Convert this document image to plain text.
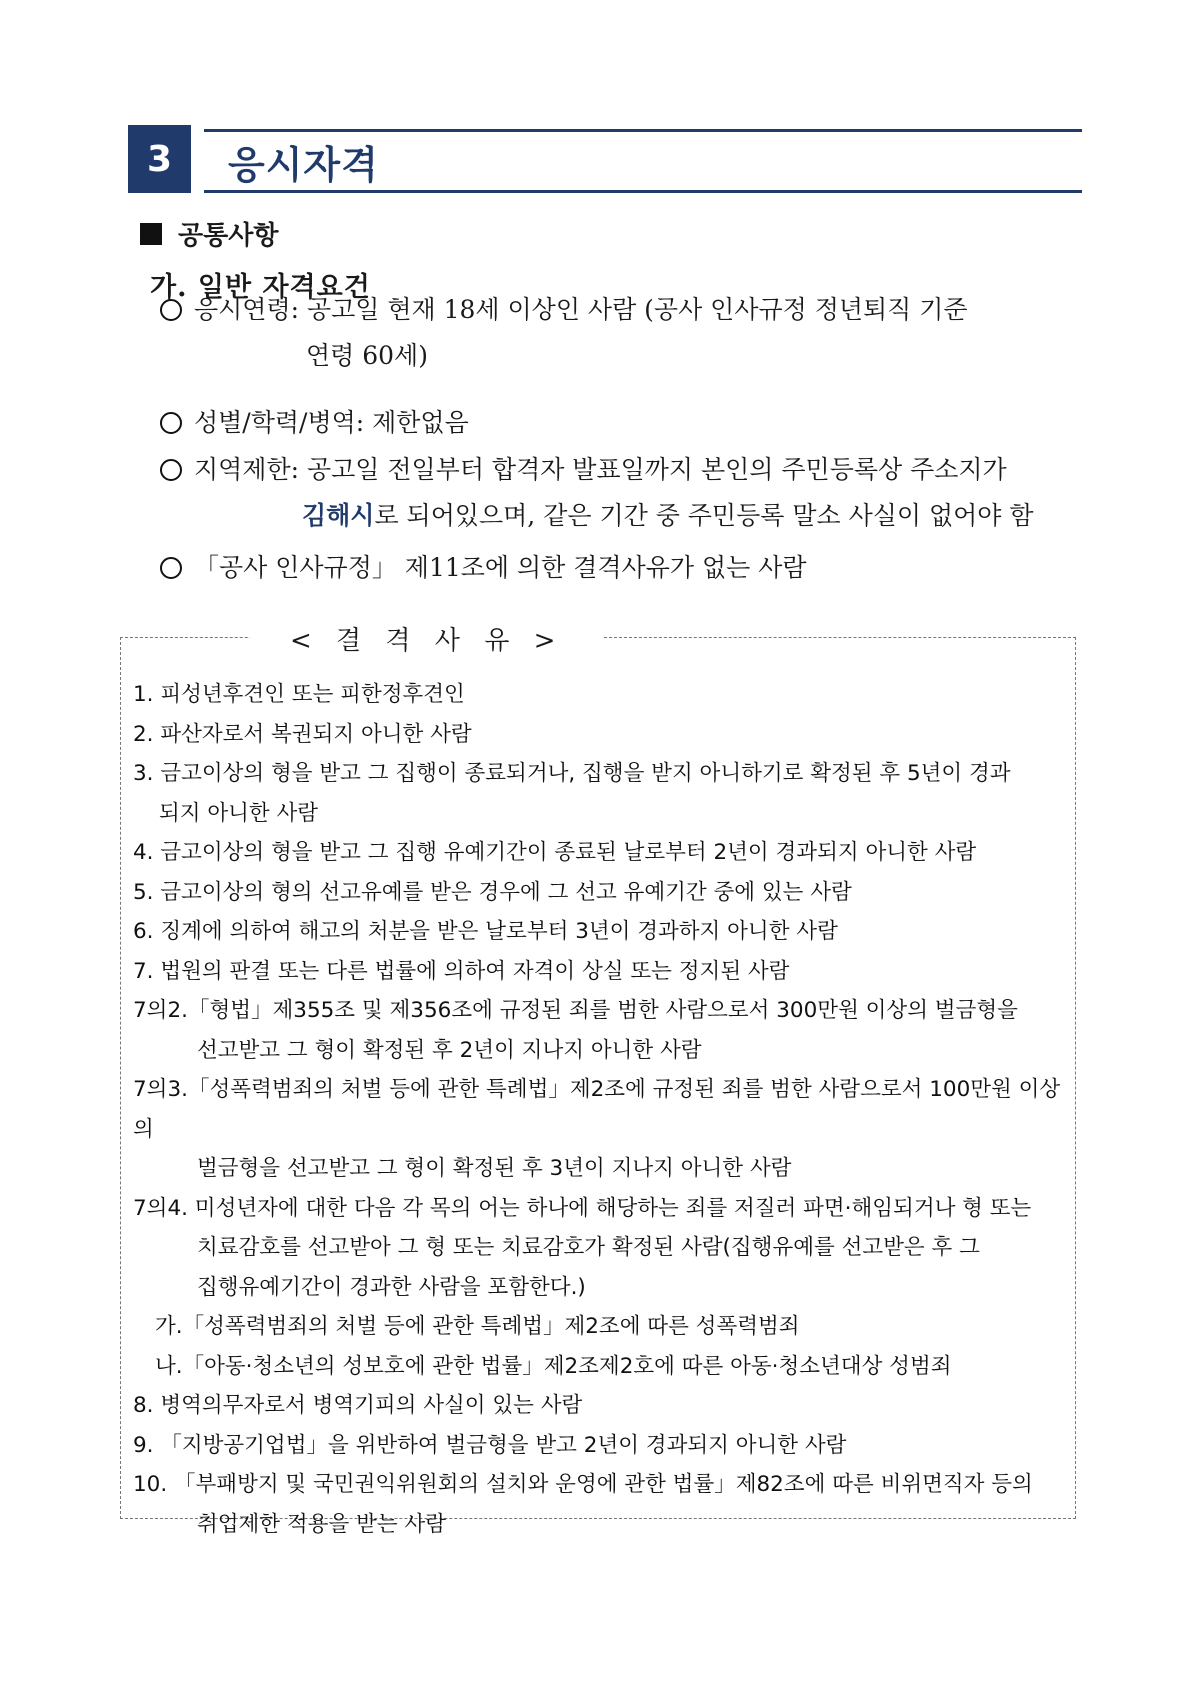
3	응시자격
공통사항
가. 일반 자격요건
응시연령: 공고일 현재 18세 이상인 사람 (공사 인사규정 정년퇴직 기준
연령 60세)
성별/학력/병역: 제한없음
지역제한: 공고일 전일부터 합격자 발표일까지 본인의 주민등록상 주소지가
김해시로 되어있으며, 같은 기간 중 주민등록 말소 사실이 없어야 함
「공사 인사규정」 제11조에 의한 결격사유가 없는 사람
< 결 격 사 유 >
1. 피성년후견인 또는 피한정후견인
2. 파산자로서 복권되지 아니한 사람
3. 금고이상의 형을 받고 그 집행이 종료되거나, 집행을 받지 아니하기로 확정된 후 5년이 경과
되지 아니한 사람
4. 금고이상의 형을 받고 그 집행 유예기간이 종료된 날로부터 2년이 경과되지 아니한 사람
5. 금고이상의 형의 선고유예를 받은 경우에 그 선고 유예기간 중에 있는 사람
6. 징계에 의하여 해고의 처분을 받은 날로부터 3년이 경과하지 아니한 사람
7. 법원의 판결 또는 다른 법률에 의하여 자격이 상실 또는 정지된 사람
7의2.「형법」제355조 및 제356조에 규정된 죄를 범한 사람으로서 300만원 이상의 벌금형을
선고받고 그 형이 확정된 후 2년이 지나지 아니한 사람
7의3.「성폭력범죄의 처벌 등에 관한 특례법」제2조에 규정된 죄를 범한 사람으로서 100만원 이상의
벌금형을 선고받고 그 형이 확정된 후 3년이 지나지 아니한 사람
7의4. 미성년자에 대한 다음 각 목의 어는 하나에 해당하는 죄를 저질러 파면·해임되거나 형 또는
치료감호를 선고받아 그 형 또는 치료감호가 확정된 사람(집행유예를 선고받은 후 그
집행유예기간이 경과한 사람을 포함한다.)
가.「성폭력범죄의 처벌 등에 관한 특례법」제2조에 따른 성폭력범죄
나.「아동·청소년의 성보호에 관한 법률」제2조제2호에 따른 아동·청소년대상 성범죄
8. 병역의무자로서 병역기피의 사실이 있는 사람
9. 「지방공기업법」을 위반하여 벌금형을 받고 2년이 경과되지 아니한 사람
10. 「부패방지 및 국민권익위원회의 설치와 운영에 관한 법률」제82조에 따른 비위면직자 등의
취업제한 적용을 받는 사람
